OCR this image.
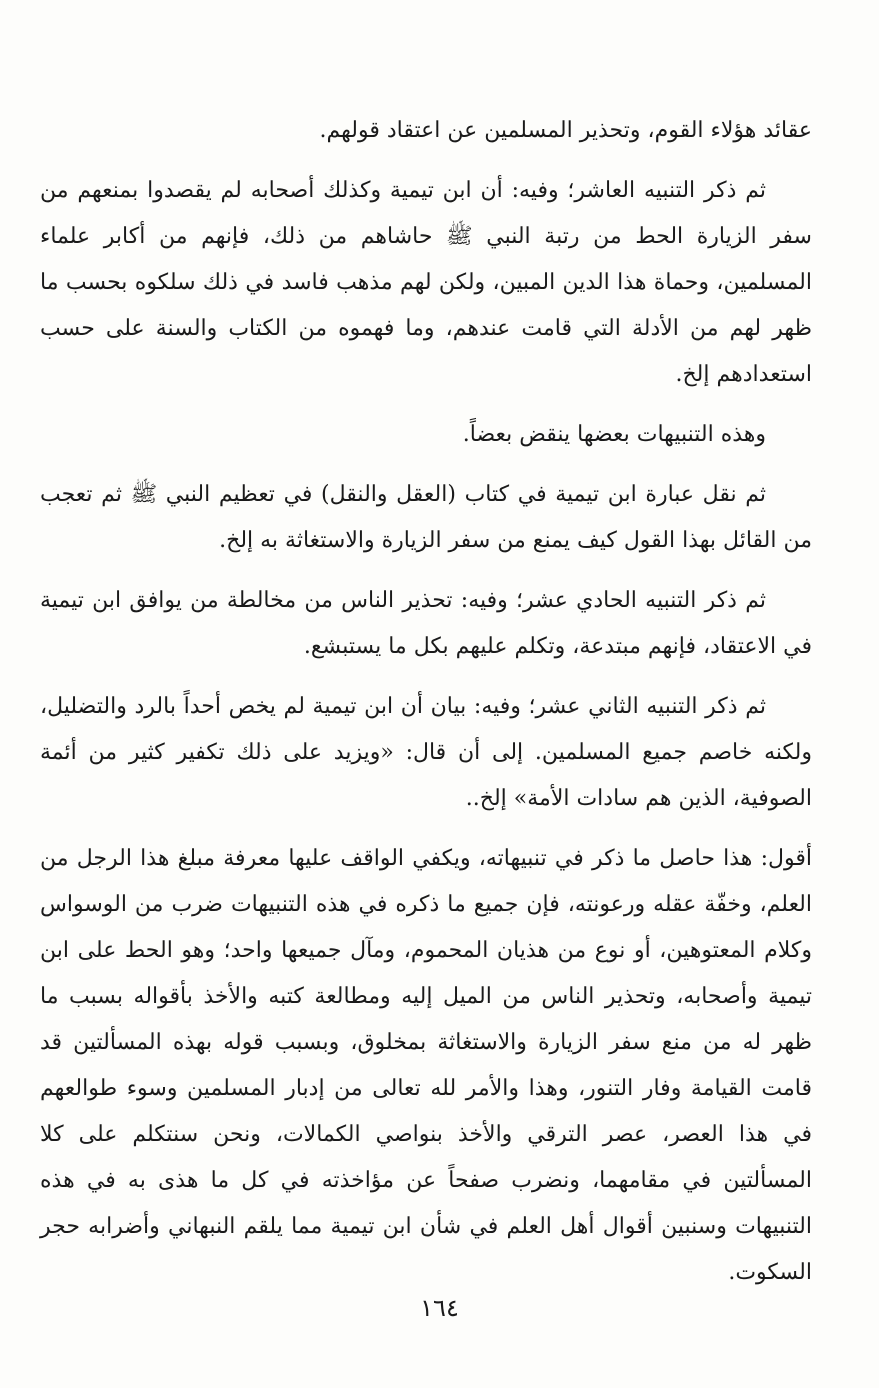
عقائد هؤلاء القوم، وتحذير المسلمين عن اعتقاد قولهم.

ثم ذكر التنبيه العاشر؛ وفيه: أن ابن تيمية وكذلك أصحابه لم يقصدوا بمنعهم من سفر الزيارة الحط من رتبة النبي ﷺ حاشاهم من ذلك، فإنهم من أكابر علماء المسلمين، وحماة هذا الدين المبين، ولكن لهم مذهب فاسد في ذلك سلكوه بحسب ما ظهر لهم من الأدلة التي قامت عندهم، وما فهموه من الكتاب والسنة على حسب استعدادهم إلخ.

وهذه التنبيهات بعضها ينقض بعضاً.

ثم نقل عبارة ابن تيمية في كتاب (العقل والنقل) في تعظيم النبي ﷺ ثم تعجب من القائل بهذا القول كيف يمنع من سفر الزيارة والاستغاثة به إلخ.

ثم ذكر التنبيه الحادي عشر؛ وفيه: تحذير الناس من مخالطة من يوافق ابن تيمية في الاعتقاد، فإنهم مبتدعة، وتكلم عليهم بكل ما يستبشع.

ثم ذكر التنبيه الثاني عشر؛ وفيه: بيان أن ابن تيمية لم يخص أحداً بالرد والتضليل، ولكنه خاصم جميع المسلمين. إلى أن قال: «ويزيد على ذلك تكفير كثير من أئمة الصوفية، الذين هم سادات الأمة» إلخ..

أقول: هذا حاصل ما ذكر في تنبيهاته، ويكفي الواقف عليها معرفة مبلغ هذا الرجل من العلم، وخفّة عقله ورعونته، فإن جميع ما ذكره في هذه التنبيهات ضرب من الوسواس وكلام المعتوهين، أو نوع من هذيان المحموم، ومآل جميعها واحد؛ وهو الحط على ابن تيمية وأصحابه، وتحذير الناس من الميل إليه ومطالعة كتبه والأخذ بأقواله بسبب ما ظهر له من منع سفر الزيارة والاستغاثة بمخلوق، وبسبب قوله بهذه المسألتين قد قامت القيامة وفار التنور، وهذا والأمر لله تعالى من إدبار المسلمين وسوء طوالعهم في هذا العصر، عصر الترقي والأخذ بنواصي الكمالات، ونحن سنتكلم على كلا المسألتين في مقامهما، ونضرب صفحاً عن مؤاخذته في كل ما هذى به في هذه التنبيهات وسنبين أقوال أهل العلم في شأن ابن تيمية مما يلقم النبهاني وأضرابه حجر السكوت.

١٦٤
